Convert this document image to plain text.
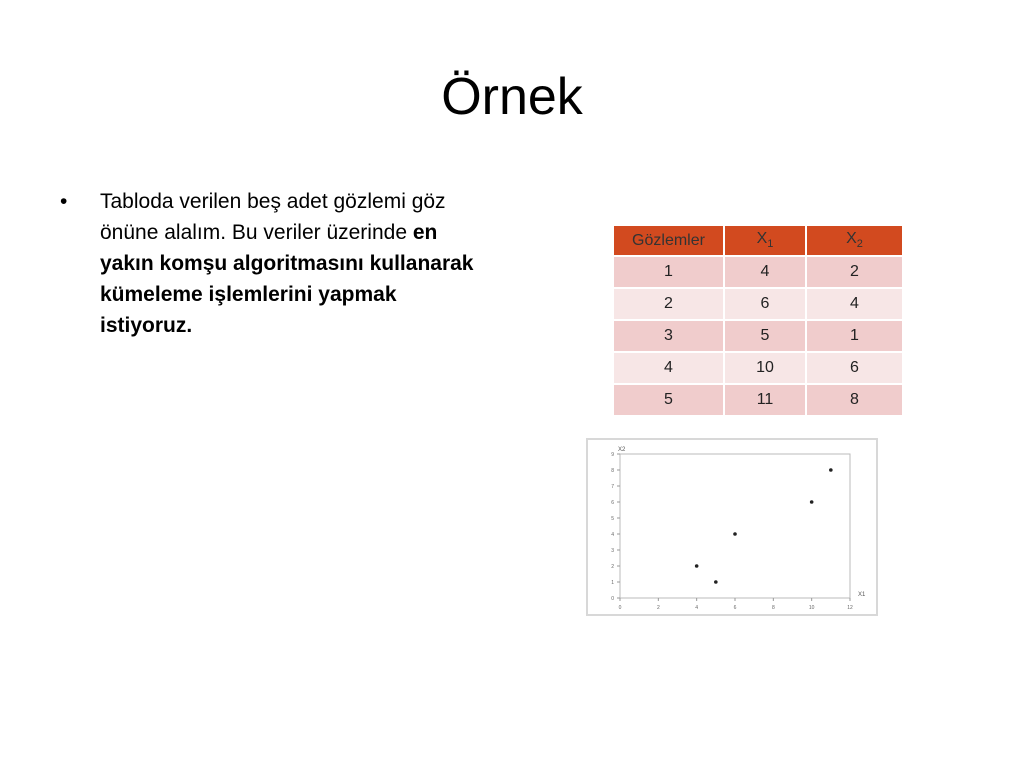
Örnek
•	Tabloda verilen beş adet gözlemi göz önüne alalım. Bu veriler üzerinde en yakın komşu algoritmasını kullanarak kümeleme işlemlerini yapmak istiyoruz.
Gözlemler	$X_1$	$X_2$
1	4	2
2	6	4
3	5	1
4	10	6
5	11	8
0	2	4	6	8	10	12
0
1
2
3
4
5
6
7
8
9
X1
X2
